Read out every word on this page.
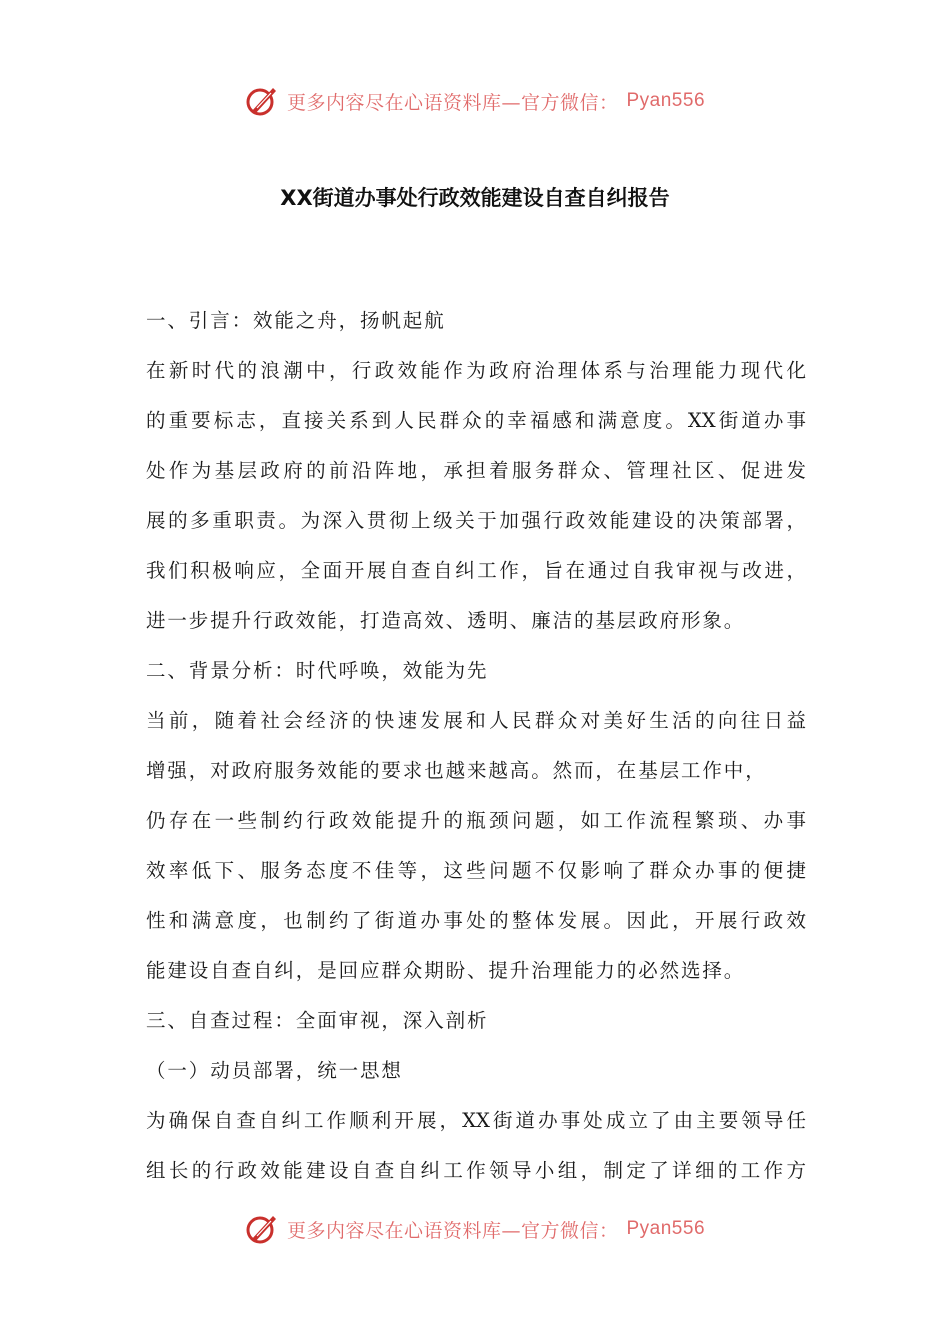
更多内容尽在心语资料库—官方微信： Pyan556
XX街道办事处行政效能建设自查自纠报告
一、引言：效能之舟，扬帆起航
在新时代的浪潮中，行政效能作为政府治理体系与治理能力现代化
的重要标志，直接关系到人民群众的幸福感和满意度。XX街道办事
处作为基层政府的前沿阵地，承担着服务群众、管理社区、促进发
展的多重职责。为深入贯彻上级关于加强行政效能建设的决策部署，
我们积极响应，全面开展自查自纠工作，旨在通过自我审视与改进，
进一步提升行政效能，打造高效、透明、廉洁的基层政府形象。
二、背景分析：时代呼唤，效能为先
当前，随着社会经济的快速发展和人民群众对美好生活的向往日益
增强，对政府服务效能的要求也越来越高。然而，在基层工作中，
仍存在一些制约行政效能提升的瓶颈问题，如工作流程繁琐、办事
效率低下、服务态度不佳等，这些问题不仅影响了群众办事的便捷
性和满意度，也制约了街道办事处的整体发展。因此，开展行政效
能建设自查自纠，是回应群众期盼、提升治理能力的必然选择。
三、自查过程：全面审视，深入剖析
（一）动员部署，统一思想
为确保自查自纠工作顺利开展，XX街道办事处成立了由主要领导任
组长的行政效能建设自查自纠工作领导小组，制定了详细的工作方
更多内容尽在心语资料库—官方微信： Pyan556
